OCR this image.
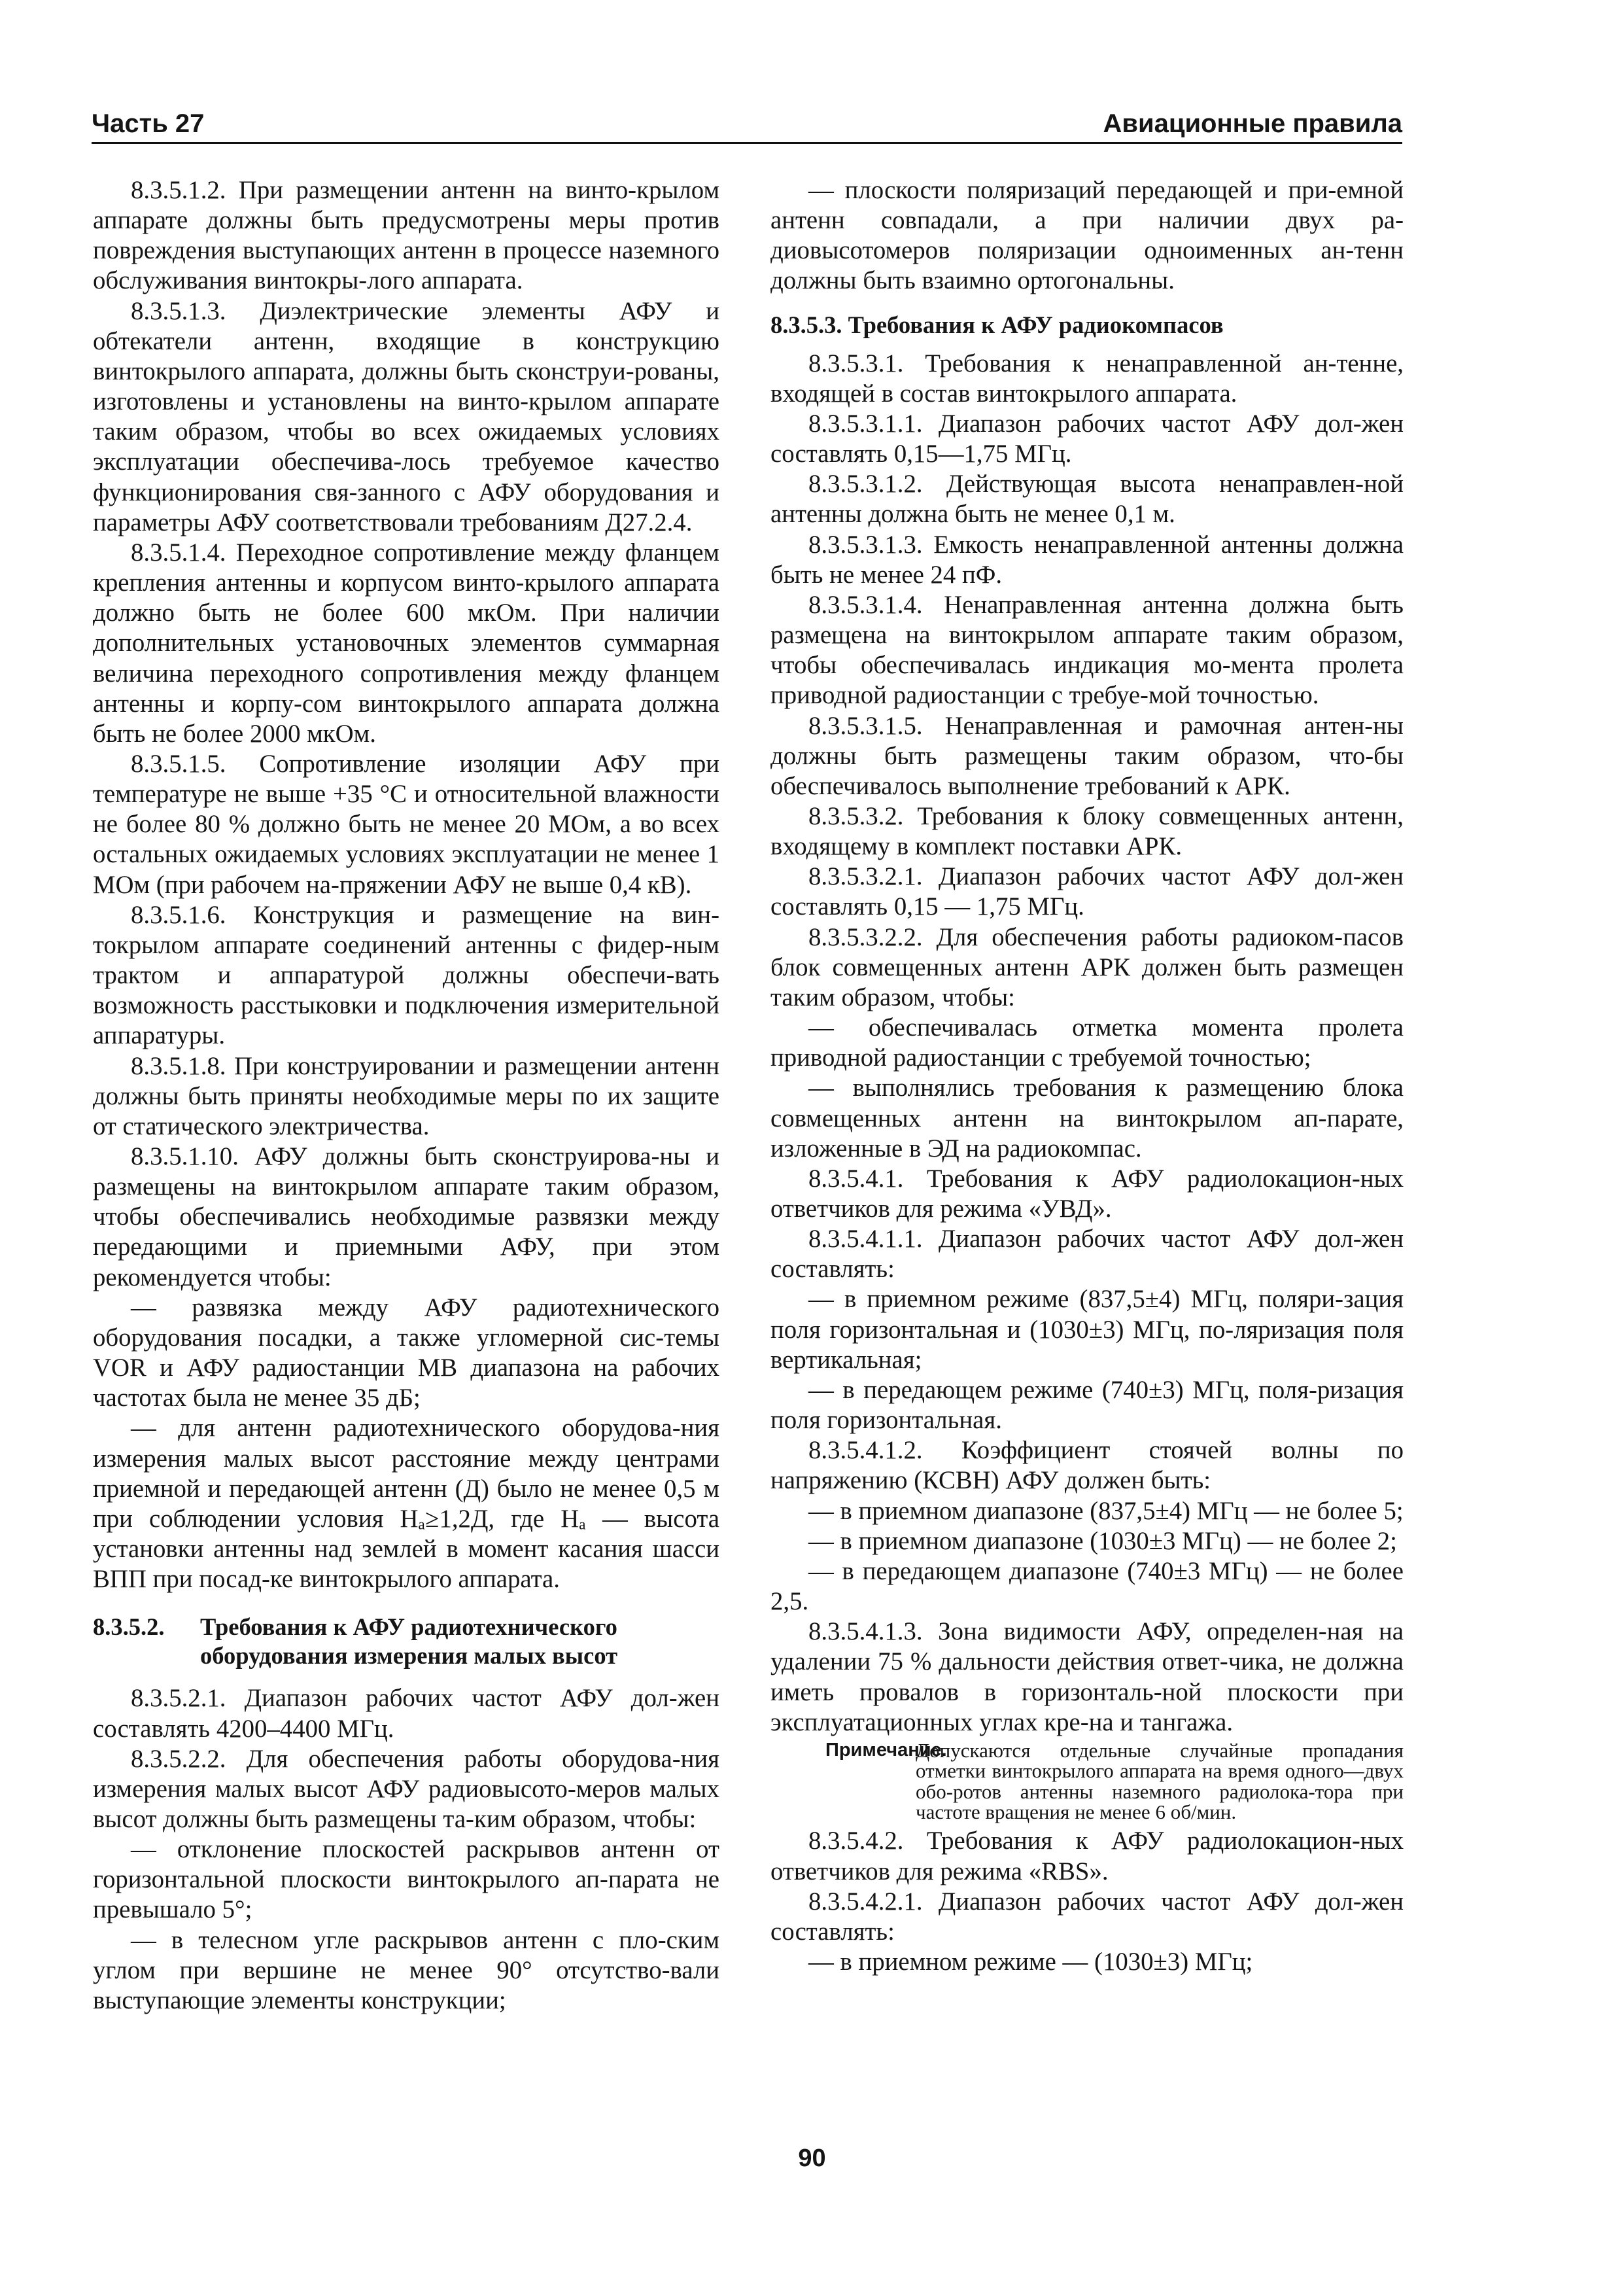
Часть 27	Авиационные правила

8.3.5.1.2. При размещении антенн на винто-крылом аппарате должны быть предусмотрены меры против повреждения выступающих антенн в процессе наземного обслуживания винтокры-лого аппарата.

8.3.5.1.3. Диэлектрические элементы АФУ и обтекатели антенн, входящие в конструкцию винтокрылого аппарата, должны быть сконструи-рованы, изготовлены и установлены на винто-крылом аппарате таким образом, чтобы во всех ожидаемых условиях эксплуатации обеспечива-лось требуемое качество функционирования свя-занного с АФУ оборудования и параметры АФУ соответствовали требованиям Д27.2.4.

8.3.5.1.4. Переходное сопротивление между фланцем крепления антенны и корпусом винто-крылого аппарата должно быть не более 600 мкОм. При наличии дополнительных установочных элементов суммарная величина переходного сопротивления между фланцем антенны и корпу-сом винтокрылого аппарата должна быть не более 2000 мкОм.

8.3.5.1.5. Сопротивление изоляции АФУ при температуре не выше +35 °С и относительной влажности не более 80 % должно быть не менее 20 МОм, а во всех остальных ожидаемых условиях эксплуатации не менее 1 МОм (при рабочем на-пряжении АФУ не выше 0,4 кВ).

8.3.5.1.6. Конструкция и размещение на вин-токрылом аппарате соединений антенны с фидер-ным трактом и аппаратурой должны обеспечи-вать возможность расстыковки и подключения измерительной аппаратуры.

8.3.5.1.8. При конструировании и размещении антенн должны быть приняты необходимые меры по их защите от статического электричества.

8.3.5.1.10. АФУ должны быть сконструирова-ны и размещены на винтокрылом аппарате таким образом, чтобы обеспечивались необходимые развязки между передающими и приемными АФУ, при этом рекомендуется чтобы:

— развязка между АФУ радиотехнического оборудования посадки, а также угломерной сис-темы VOR и АФУ радиостанции МВ диапазона на рабочих частотах была не менее 35 дБ;

— для антенн радиотехнического оборудова-ния измерения малых высот расстояние между центрами приемной и передающей антенн (Д) было не менее 0,5 м при соблюдении условия Hₐ≥1,2Д, где Hₐ — высота установки антенны над землей в момент касания шасси ВПП при посад-ке винтокрылого аппарата.

8.3.5.2. Требования к АФУ радиотехнического оборудования измерения малых высот

8.3.5.2.1. Диапазон рабочих частот АФУ дол-жен составлять 4200–4400 МГц.

8.3.5.2.2. Для обеспечения работы оборудова-ния измерения малых высот АФУ радиовысото-меров малых высот должны быть размещены та-ким образом, чтобы:

— отклонение плоскостей раскрывов антенн от горизонтальной плоскости винтокрылого ап-парата не превышало 5°;

— в телесном угле раскрывов антенн с пло-ским углом при вершине не менее 90° отсутство-вали выступающие элементы конструкции;

— плоскости поляризаций передающей и при-емной антенн совпадали, а при наличии двух ра-диовысотомеров поляризации одноименных ан-тенн должны быть взаимно ортогональны.

8.3.5.3. Требования к АФУ радиокомпасов

8.3.5.3.1. Требования к ненаправленной ан-тенне, входящей в состав винтокрылого аппарата.

8.3.5.3.1.1. Диапазон рабочих частот АФУ дол-жен составлять 0,15—1,75 МГц.

8.3.5.3.1.2. Действующая высота ненаправлен-ной антенны должна быть не менее 0,1 м.

8.3.5.3.1.3. Емкость ненаправленной антенны должна быть не менее 24 пФ.

8.3.5.3.1.4. Ненаправленная антенна должна быть размещена на винтокрылом аппарате таким образом, чтобы обеспечивалась индикация мо-мента пролета приводной радиостанции с требуе-мой точностью.

8.3.5.3.1.5. Ненаправленная и рамочная антен-ны должны быть размещены таким образом, что-бы обеспечивалось выполнение требований к АРК.

8.3.5.3.2. Требования к блоку совмещенных антенн, входящему в комплект поставки АРК.

8.3.5.3.2.1. Диапазон рабочих частот АФУ дол-жен составлять 0,15 — 1,75 МГц.

8.3.5.3.2.2. Для обеспечения работы радиоком-пасов блок совмещенных антенн АРК должен быть размещен таким образом, чтобы:

— обеспечивалась отметка момента пролета приводной радиостанции с требуемой точностью;

— выполнялись требования к размещению блока совмещенных антенн на винтокрылом ап-парате, изложенные в ЭД на радиокомпас.

8.3.5.4.1. Требования к АФУ радиолокацион-ных ответчиков для режима «УВД».

8.3.5.4.1.1. Диапазон рабочих частот АФУ дол-жен составлять:

— в приемном режиме (837,5±4) МГц, поляри-зация поля горизонтальная и (1030±3) МГц, по-ляризация поля вертикальная;

— в передающем режиме (740±3) МГц, поля-ризация поля горизонтальная.

8.3.5.4.1.2. Коэффициент стоячей волны по напряжению (КСВН) АФУ должен быть:

— в приемном диапазоне (837,5±4) МГц — не более 5;

— в приемном диапазоне (1030±3 МГц) — не более 2;

— в передающем диапазоне (740±3 МГц) — не более 2,5.

8.3.5.4.1.3. Зона видимости АФУ, определен-ная на удалении 75 % дальности действия ответ-чика, не должна иметь провалов в горизонталь-ной плоскости при эксплуатационных углах кре-на и тангажа.

Примечание.
Допускаются отдельные случайные пропадания отметки винтокрылого аппарата на время одного—двух обо-ротов антенны наземного радиолока-тора при частоте вращения не менее 6 об/мин.

8.3.5.4.2. Требования к АФУ радиолокацион-ных ответчиков для режима «RBS».

8.3.5.4.2.1. Диапазон рабочих частот АФУ дол-жен составлять:

— в приемном режиме — (1030±3) МГц;

90
